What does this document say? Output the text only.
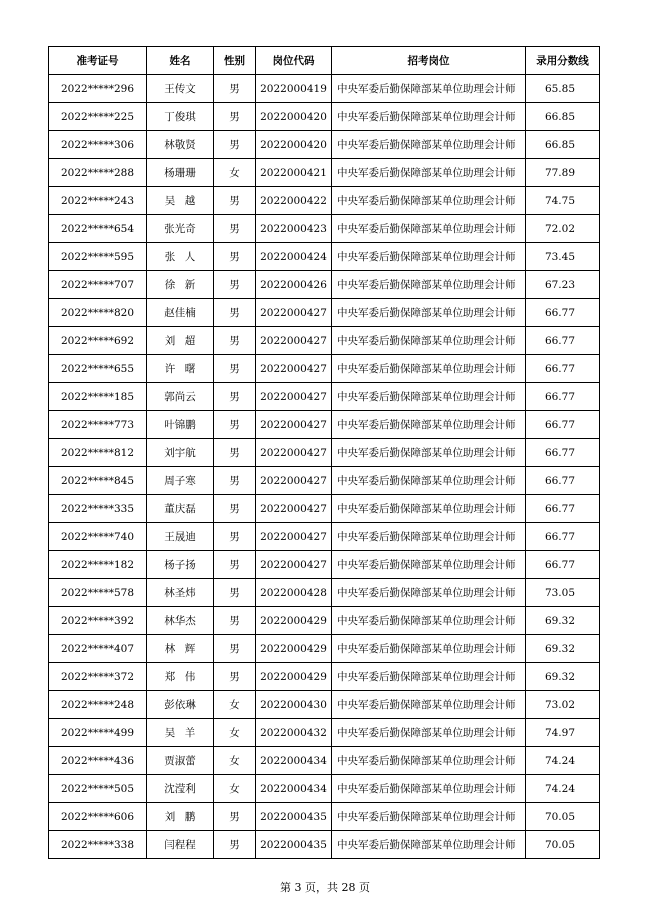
准考证号	姓名	性别	岗位代码	招考岗位	录用分数线
2022*****296	王传文	男	2022000419	中央军委后勤保障部某单位助理会计师	65.85
2022*****225	丁俊琪	男	2022000420	中央军委后勤保障部某单位助理会计师	66.85
2022*****306	林敬贤	男	2022000420	中央军委后勤保障部某单位助理会计师	66.85
2022*****288	杨珊珊	女	2022000421	中央军委后勤保障部某单位助理会计师	77.89
2022*****243	吴越	男	2022000422	中央军委后勤保障部某单位助理会计师	74.75
2022*****654	张光奇	男	2022000423	中央军委后勤保障部某单位助理会计师	72.02
2022*****595	张人	男	2022000424	中央军委后勤保障部某单位助理会计师	73.45
2022*****707	徐新	男	2022000426	中央军委后勤保障部某单位助理会计师	67.23
2022*****820	赵佳楠	男	2022000427	中央军委后勤保障部某单位助理会计师	66.77
2022*****692	刘超	男	2022000427	中央军委后勤保障部某单位助理会计师	66.77
2022*****655	许曙	男	2022000427	中央军委后勤保障部某单位助理会计师	66.77
2022*****185	郭尚云	男	2022000427	中央军委后勤保障部某单位助理会计师	66.77
2022*****773	叶锦鹏	男	2022000427	中央军委后勤保障部某单位助理会计师	66.77
2022*****812	刘宇航	男	2022000427	中央军委后勤保障部某单位助理会计师	66.77
2022*****845	周子寒	男	2022000427	中央军委后勤保障部某单位助理会计师	66.77
2022*****335	董庆磊	男	2022000427	中央军委后勤保障部某单位助理会计师	66.77
2022*****740	王晟迪	男	2022000427	中央军委后勤保障部某单位助理会计师	66.77
2022*****182	杨子扬	男	2022000427	中央军委后勤保障部某单位助理会计师	66.77
2022*****578	林圣炜	男	2022000428	中央军委后勤保障部某单位助理会计师	73.05
2022*****392	林华杰	男	2022000429	中央军委后勤保障部某单位助理会计师	69.32
2022*****407	林辉	男	2022000429	中央军委后勤保障部某单位助理会计师	69.32
2022*****372	郑伟	男	2022000429	中央军委后勤保障部某单位助理会计师	69.32
2022*****248	彭依琳	女	2022000430	中央军委后勤保障部某单位助理会计师	73.02
2022*****499	吴羊	女	2022000432	中央军委后勤保障部某单位助理会计师	74.97
2022*****436	贾淑蕾	女	2022000434	中央军委后勤保障部某单位助理会计师	74.24
2022*****505	沈滢利	女	2022000434	中央军委后勤保障部某单位助理会计师	74.24
2022*****606	刘鹏	男	2022000435	中央军委后勤保障部某单位助理会计师	70.05
2022*****338	闫程程	男	2022000435	中央军委后勤保障部某单位助理会计师	70.05
第 3 页，共 28 页
